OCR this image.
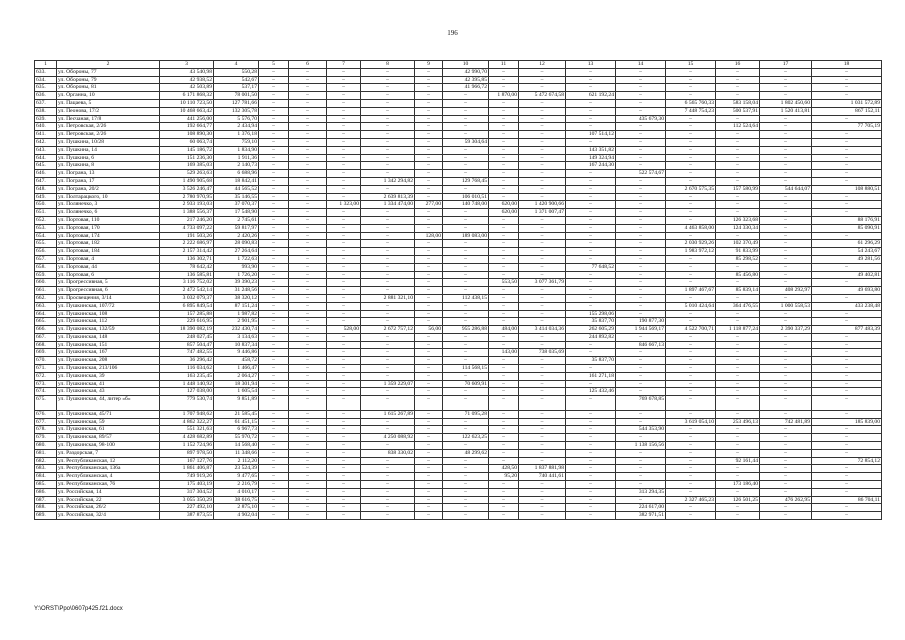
196
1	2	3	4	5	6	7	8	9	10	11	12	13	14	15	16	17	18
633.	ул. Обороны, 77	43 540,98	550,28	–	–	–	–	–	42 990,70	–	–	–	–	–	–	–	–
634.	ул. Обороны, 79	42 938,52	542,67	–	–	–	–	–	42 395,85	–	–	–	–	–	–	–	–
635.	ул. Обороны, 81	42 503,89	537,17	–	–	–	–	–	41 966,72	–	–	–	–	–	–	–	–
636.	ул. Органна, 10	6 171 868,32	78 001,50	–	–	–	–	–	–	1 870,00	5 472 674,58	621 192,24	–	–	–	–	–
637.	ул. Пацаева, 5	10 110 723,50	127 781,66	–	–	–	–	–	–	–	–	–	–	6 565 760,33	583 158,04	1 802 450,60	1 031 572,89
638.	ул. Пеонова, 17/2	10 468 663,42	132 305,78	–	–	–	–	–	–	–	–	–	–	7 448 754,23	500 537,91	1 520 413,81	867 152,11
639.	ул. Песчаная, 17/8	441 256,00	5 576,70	–	–	–	–	–	–	–	–	–	435 679,30	–	–	–	–
640.	ул. Петровская, 2/26	192 664,77	2 434,94	–	–	–	–	–	–	–	–	–	–	–	112 524,64	–	77 705,19
641.	ул. Петровская, 2/26	108 890,30	1 376,18	–	–	–	–	–	–	–	–	107 514,12	–	–	–	–	–
642.	ул. Пушкина, 10/28	60 063,74	759,10	–	–	–	–	–	59 304,64	–	–	–	–	–	–	–	–
643.	ул. Пушкина, 14	145 186,72	1 834,90	–	–	–	–	–	–	–	–	143 351,82	–	–	–	–	–
644.	ул. Пушкина, 6	151 236,30	1 911,36	–	–	–	–	–	–	–	–	149 324,94	–	–	–	–	–
645.	ул. Пушкина, 8	169 385,03	2 140,73	–	–	–	–	–	–	–	–	167 244,30	–	–	–	–	–
646.	ул. Пограна, 13	529 263,63	6 688,96	–	–	–	–	–	–	–	–	–	522 574,67	–	–	–	–
647.	ул. Пограна, 17	1 490 905,68	18 842,41	–	–	–	1 342 294,82	–	129 768,45	–	–	–	–	–	–	–	–
648.	ул. Пограна, 20/2	3 526 246,47	44 565,52	–	–	–	–	–	–	–	–	–	–	2 670 575,35	157 580,99	544 644,07	108 880,51
649.	ул. Полтарацкого, 10	2 780 970,95	35 146,55	–	–	–	2 639 813,39	–	106 010,51	–	–	–	–	–	–	–	–
650.	ул. Полянечко, 3	2 933 193,03	37 070,37	–	–	1 323,00	1 334 474,00	277,00	140 748,00	620,00	1 420 900,66	–	–	–	–	–	–
651.	ул. Полянечко, 6	1 388 556,37	17 548,90	–	–	–	–	–	–	620,00	1 371 007,47	–	–	–	–	–	–
652.	ул. Портовая, 110	217 246,20	2 745,61	–	–	–	–	–	–	–	–	–	–	–	126 323,68	–	88 176,91
653.	ул. Портовая, 170	4 733 097,22	59 817,97	–	–	–	–	–	–	–	–	–	–	4 463 858,00	124 330,34	–	85 090,91
654.	ул. Портовая, 174	191 503,26	2 420,26	–	–	–	–	128,00	189 083,00	–	–	–	–	–	–	–	–
655.	ул. Портовая, 182	2 222 686,97	28 090,83	–	–	–	–	–	–	–	–	–	–	2 030 929,26	102 370,49	–	61 296,29
656.	ул. Портовая, 184	2 157 314,42	27 264,64	–	–	–	–	–	–	–	–	–	–	1 983 972,12	91 833,99	–	54 243,67
657.	ул. Портовая, 4	136 302,71	1 722,63	–	–	–	–	–	–	–	–	–	–	–	85 298,52	–	49 281,56
658.	ул. Портовая, 44	78 642,42	993,90	–	–	–	–	–	–	–	–	77 648,52	–	–	–	–	–
659.	ул. Портовая, 6	136 585,81	1 726,20	–	–	–	–	–	–	–	–	–	–	–	85 456,80	–	49 402,81
660.	ул. Прогрессивная, 5	3 116 752,02	39 390,23	–	–	–	–	–	–	553,50	3 077 361,79	–	–	–	–	–	–
661.	ул. Прогрессивная, 6	2 472 542,14	31 248,56	–	–	–	–	–	–	–	–	–	–	1 897 467,67	85 839,14	408 292,97	49 693,80
662.	ул. Просвещения, 3/14	3 032 079,37	38 320,12	–	–	–	2 881 321,10	–	112 438,15	–	–	–	–	–	–	–	–
663.	ул. Пушкинская, 107/72	6 895 849,54	87 151,24	–	–	–	–	–	–	–	–	–	–	5 010 424,64	364 476,55	1 000 558,53	433 238,48
664.	ул. Пушкинская, 108	157 285,88	1 987,82	–	–	–	–	–	–	–	–	155 298,06	–	–	–	–	–
665.	ул. Пушкинская, 112	229 616,95	2 901,95	–	–	–	–	–	–	–	–	35 837,70	190 877,30	–	–	–	–
666.	ул. Пушкинская, 132/59	18 390 082,19	232 430,74	–	–	528,00	2 672 757,12	56,00	955 286,88	484,00	3 414 034,36	262 605,29	1 944 569,17	4 522 700,71	1 118 877,24	2 390 337,29	877 483,39
667.	ул. Пушкинская, 148	248 027,45	3 134,63	–	–	–	–	–	–	–	–	244 892,82	–	–	–	–	–
668.	ул. Пушкинская, 151	857 504,47	10 837,34	–	–	–	–	–	–	–	–	–	846 667,13	–	–	–	–
669.	ул. Пушкинская, 167	747 482,55	9 446,86	–	–	–	–	–	–	143,00	738 035,69	–	–	–	–	–	–
670.	ул. Пушкинская, 208	36 296,42	458,72	–	–	–	–	–	–	–	–	35 837,70	–	–	–	–	–
671.	ул. Пушкинская, 213/106	116 034,62	1 466,47	–	–	–	–	–	114 568,15	–	–	–	–	–	–	–	–
672.	ул. Пушкинская, 39	163 235,45	2 064,27	–	–	–	–	–	–	–	–	161 271,18	–	–	–	–	–
673.	ул. Пушкинская, 41	1 448 140,92	18 301,94	–	–	–	1 359 229,07	–	70 609,91	–	–	–	–	–	–	–	–
674.	ул. Пушкинская, 43	127 038,00	1 605,54	–	–	–	–	–	–	–	–	125 432,46	–	–	–	–	–
675.	ул. Пушкинская, 44, литер «б»	779 530,74	9 851,89	–	–	–	–	–	–	–	–	–	769 678,85	–	–	–	–
676.	ул. Пушкинская, 45/71	1 707 948,62	21 585,45	–	–	–	1 615 267,89	–	71 095,28	–	–	–	–	–	–	–	–
677.	ул. Пушкинская, 59	4 862 322,27	61 451,15	–	–	–	–	–	–	–	–	–	–	3 619 054,10	253 496,13	742 481,89	185 839,00
678.	ул. Пушкинская, 61	551 321,63	6 967,73	–	–	–	–	–	–	–	–	–	544 353,90	–	–	–	–
679.	ул. Пушкинская, 89/57	4 428 682,89	55 970,72	–	–	–	4 250 088,92	–	122 623,25	–	–	–	–	–	–	–	–
680.	ул. Пушкинская, 98-100	1 152 724,96	14 568,40	–	–	–	–	–	–	–	–	–	1 138 156,56	–	–	–	–
681.	ул. Раздорская, 7	897 978,50	11 348,66	–	–	–	838 330,02	–	48 299,62	–	–	–	–	–	–	–	–
682.	ул. Республиканская, 12	167 127,76	2 112,20	–	–	–	–	–	–	–	–	–	–	–	92 161,44	–	72 854,12
683.	ул. Республиканская, 136а	1 861 406,87	23 524,39	–	–	–	–	–	–	428,50	1 837 881,98	–	–	–	–	–	–
684.	ул. Республиканская, 4	749 919,26	9 477,65	–	–	–	–	–	–	95,20	740 441,61	–	–	–	–	–	–
685.	ул. Республиканская, 76	175 403,19	2 216,79	–	–	–	–	–	–	–	–	–	–	–	173 186,40	–	–
686.	ул. Российская, 14	317 304,52	4 010,17	–	–	–	–	–	–	–	–	–	313 294,35	–	–	–	–
687.	ул. Российская, 22	3 055 350,29	38 616,75	–	–	–	–	–	–	–	–	–	–	2 327 465,23	126 501,25	476 262,95	86 704,11
688.	ул. Российская, 26/2	227 492,10	2 875,10	–	–	–	–	–	–	–	–	–	224 617,00	–	–	–	–
689.	ул. Российская, 32/4	387 873,55	4 902,04	–	–	–	–	–	–	–	–	–	382 971,51	–	–	–	–
Y:\ORST\Ppo\0607p425.f21.docx
